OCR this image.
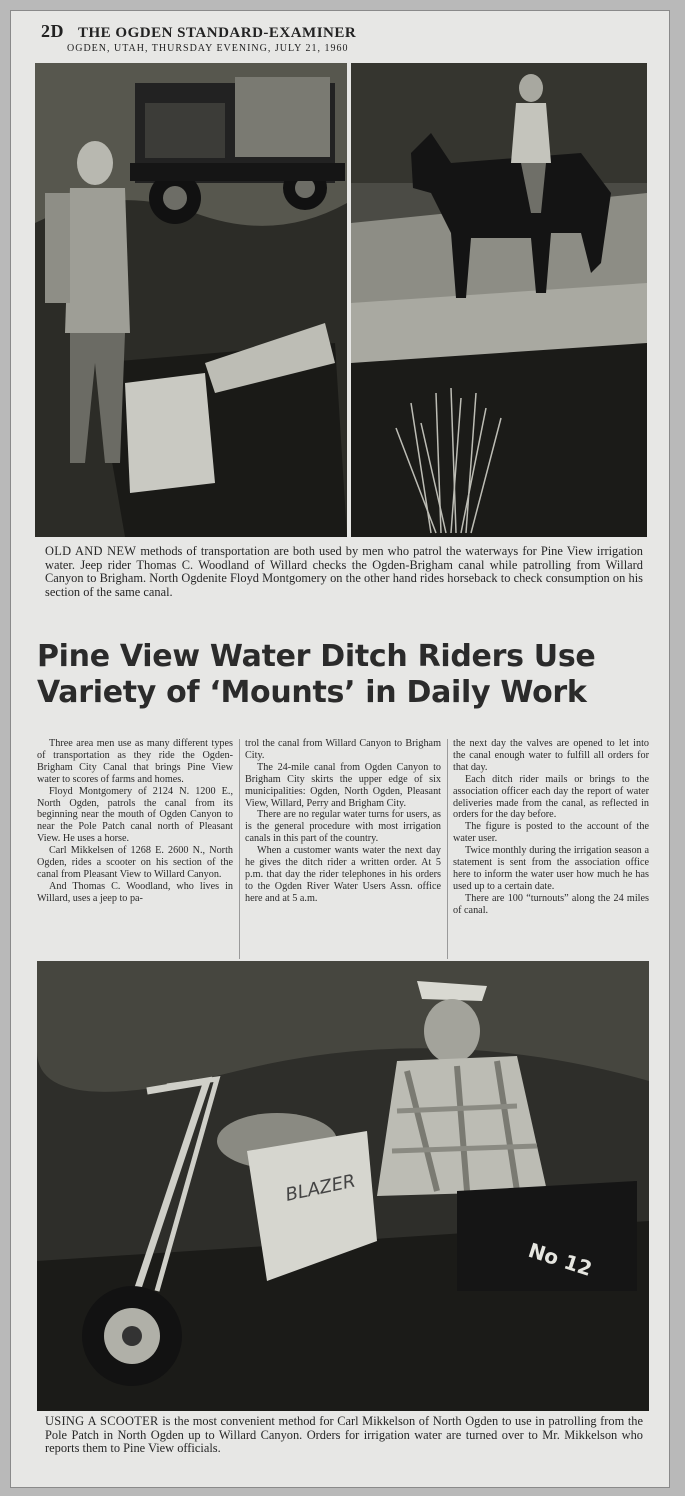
2D THE OGDEN STANDARD-EXAMINER
OGDEN, UTAH, THURSDAY EVENING, JULY 21, 1960
OLD AND NEW methods of transportation are both used by men who patrol the waterways for Pine View irrigation water. Jeep rider Thomas C. Woodland of Willard checks the Ogden-Brigham canal while patrolling from Willard Canyon to Brigham. North Ogdenite Floyd Montgomery on the other hand rides horseback to check consumption on his section of the same canal.
Pine View Water Ditch Riders Use
Variety of ‘Mounts’ in Daily Work

Three area men use as many different types of transportation as they ride the Ogden-Brigham City Canal that brings Pine View water to scores of farms and homes.

Floyd Montgomery of 2124 N. 1200 E., North Ogden, patrols the canal from its beginning near the mouth of Ogden Canyon to near the Pole Patch canal north of Pleasant View. He uses a horse.

Carl Mikkelsen of 1268 E. 2600 N., North Ogden, rides a scooter on his section of the canal from Pleasant View to Willard Canyon.

And Thomas C. Woodland, who lives in Willard, uses a jeep to pa-

trol the canal from Willard Canyon to Brigham City.

The 24-mile canal from Ogden Canyon to Brigham City skirts the upper edge of six municipalities: Ogden, North Ogden, Pleasant View, Willard, Perry and Brigham City.

There are no regular water turns for users, as is the general procedure with most irrigation canals in this part of the country.

When a customer wants water the next day he gives the ditch rider a written order. At 5 p.m. that day the rider telephones in his orders to the Ogden River Water Users Assn. office here and at 5 a.m.

the next day the valves are opened to let into the canal enough water to fulfill all orders for that day.

Each ditch rider mails or brings to the association officer each day the report of water deliveries made from the canal, as reflected in orders for the day before.

The figure is posted to the account of the water user.

Twice monthly during the irrigation season a statement is sent from the association office here to inform the water user how much he has used up to a certain date.

There are 100 “turnouts” along the 24 miles of canal.

BLAZER
No 12
USING A SCOOTER is the most convenient method for Carl Mikkelson of North Ogden to use in patrolling from the Pole Patch in North Ogden up to Willard Canyon. Orders for irrigation water are turned over to Mr. Mikkelson who reports them to Pine View officials.
